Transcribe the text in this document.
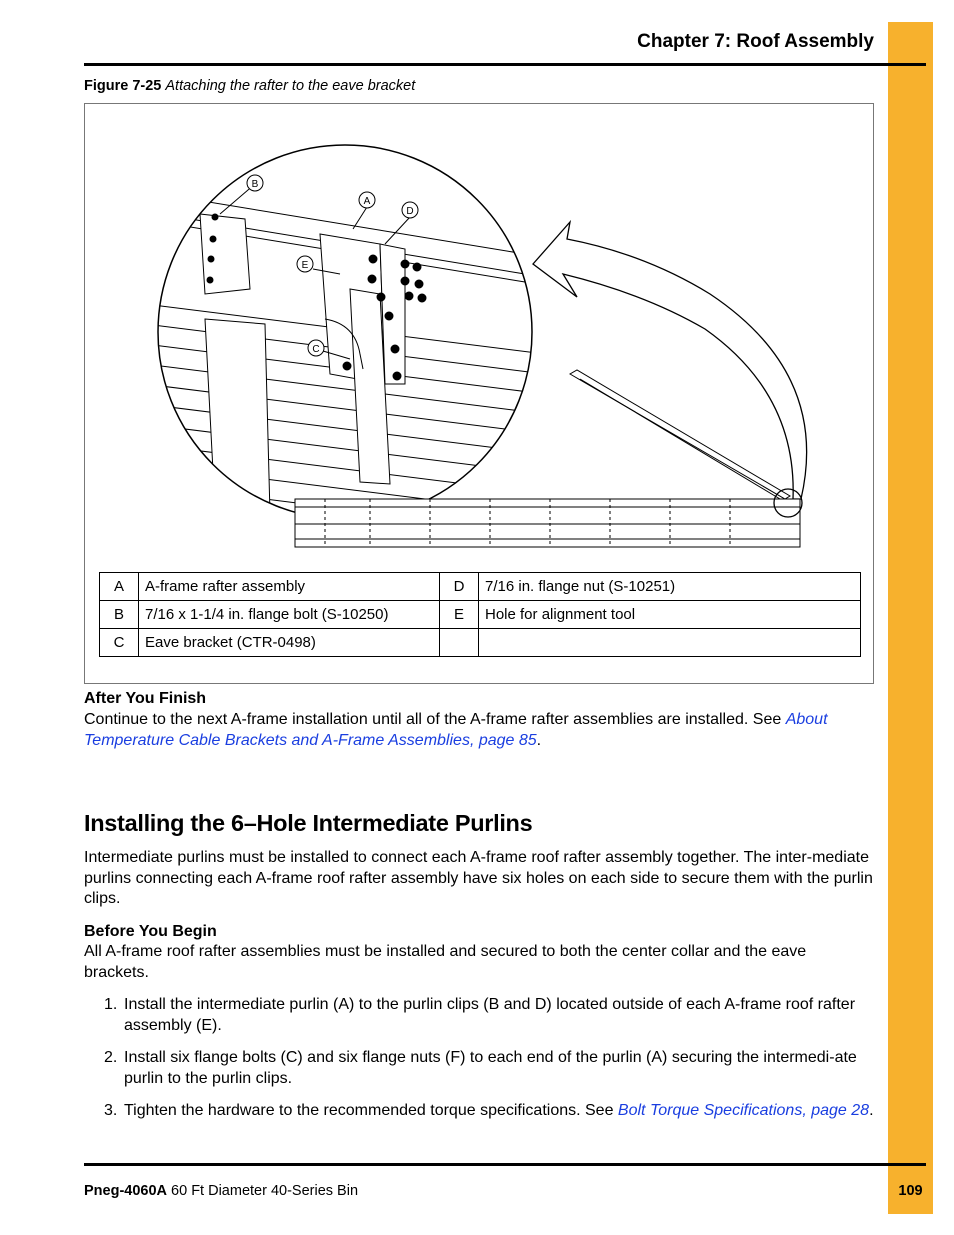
Chapter 7: Roof Assembly
Figure 7-25 Attaching the rafter to the eave bracket
B
A
D
E
C
A	A-frame rafter assembly	D	7/16 in. flange nut (S-10251)
B	7/16 x 1-1/4 in. flange bolt (S-10250)	E	Hole for alignment tool
C	Eave bracket (CTR-0498)		
After You Finish
Continue to the next A-frame installation until all of the A-frame rafter assemblies are installed. See About Temperature Cable Brackets and A-Frame Assemblies, page 85.
Installing the 6–Hole Intermediate Purlins
Intermediate purlins must be installed to connect each A-frame roof rafter assembly together. The inter-mediate purlins connecting each A-frame roof rafter assembly have six holes on each side to secure them with the purlin clips.
Before You Begin
All A-frame roof rafter assemblies must be installed and secured to both the center collar and the eave brackets.
1. Install the intermediate purlin (A) to the purlin clips (B and D) located outside of each A-frame roof rafter assembly (E).
2. Install six flange bolts (C) and six flange nuts (F) to each end of the purlin (A) securing the intermedi-ate purlin to the purlin clips.
3. Tighten the hardware to the recommended torque specifications. See Bolt Torque Specifications, page 28.
Pneg-4060A 60 Ft Diameter 40-Series Bin	109
